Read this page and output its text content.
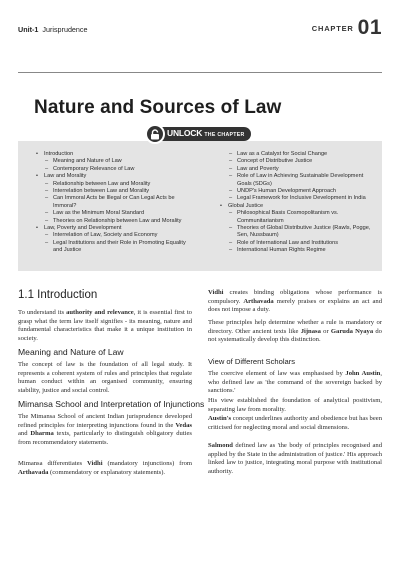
Unit-1 Jurisprudence	CHAPTER 01
Nature and Sources of Law
• Introduction
– Meaning and Nature of Law
– Contemporary Relevance of Law
• Law and Morality
– Relationship between Law and Morality
– Interrelation between Law and Morality
– Can Immoral Acts be Illegal or Can Legal Acts be Immoral?
– Law as the Minimum Moral Standard
– Theories on Relationship between Law and Morality
• Law, Poverty and Development
– Interrelation of Law, Society and Economy
– Legal Institutions and their Role in Promoting Equality and Justice
– Law as a Catalyst for Social Change
– Concept of Distributive Justice
– Law and Poverty
– Role of Law in Achieving Sustainable Development Goals (SDGs)
– UNDP's Human Development Approach
– Legal Framework for Inclusive Development in India
• Global Justice
– Philosophical Basis Cosmopolitanism vs. Communitarianism
– Theories of Global Distributive Justice (Rawls, Pogge, Sen, Nussbaum)
– Role of International Law and Institutions
– International Human Rights Regime
UNLOCK THE CHAPTER
1.1 Introduction

To understand its authority and relevance, it is essential first to grasp what the term law itself signifies - its meaning, nature and fundamental characteristics that make it a unique institution in society.

Meaning and Nature of Law

The concept of law is the foundation of all legal study. It represents a coherent system of rules and principles that regulate human conduct within an organised community, ensuring stability, justice and social control.

Mimansa School and Interpretation of Injunctions

The Mimansa School of ancient Indian jurisprudence developed refined principles for interpreting injunctions found in the Vedas and Dharma texts, particularly to distinguish obligatory duties from recommendatory statements.

Mimansa differentiates Vidhi (mandatory injunctions) from Arthavada (commendatory or explanatory statements).

Vidhi creates binding obligations whose performance is compulsory. Arthavada merely praises or explains an act and does not impose a duty.

These principles help determine whether a rule is mandatory or directory. Other ancient texts like Jijnasa or Garuda Nyaya do not systematically develop this distinction.

View of Different Scholars

The coercive element of law was emphasised by John Austin, who defined law as 'the command of the sovereign backed by sanctions.'

His view established the foundation of analytical positivism, separating law from morality.

Austin's concept underlines authority and obedience but has been criticised for neglecting moral and social dimensions.

Salmond defined law as 'the body of principles recognised and applied by the State in the administration of justice.' His approach linked law to justice, integrating moral purpose with institutional authority.
